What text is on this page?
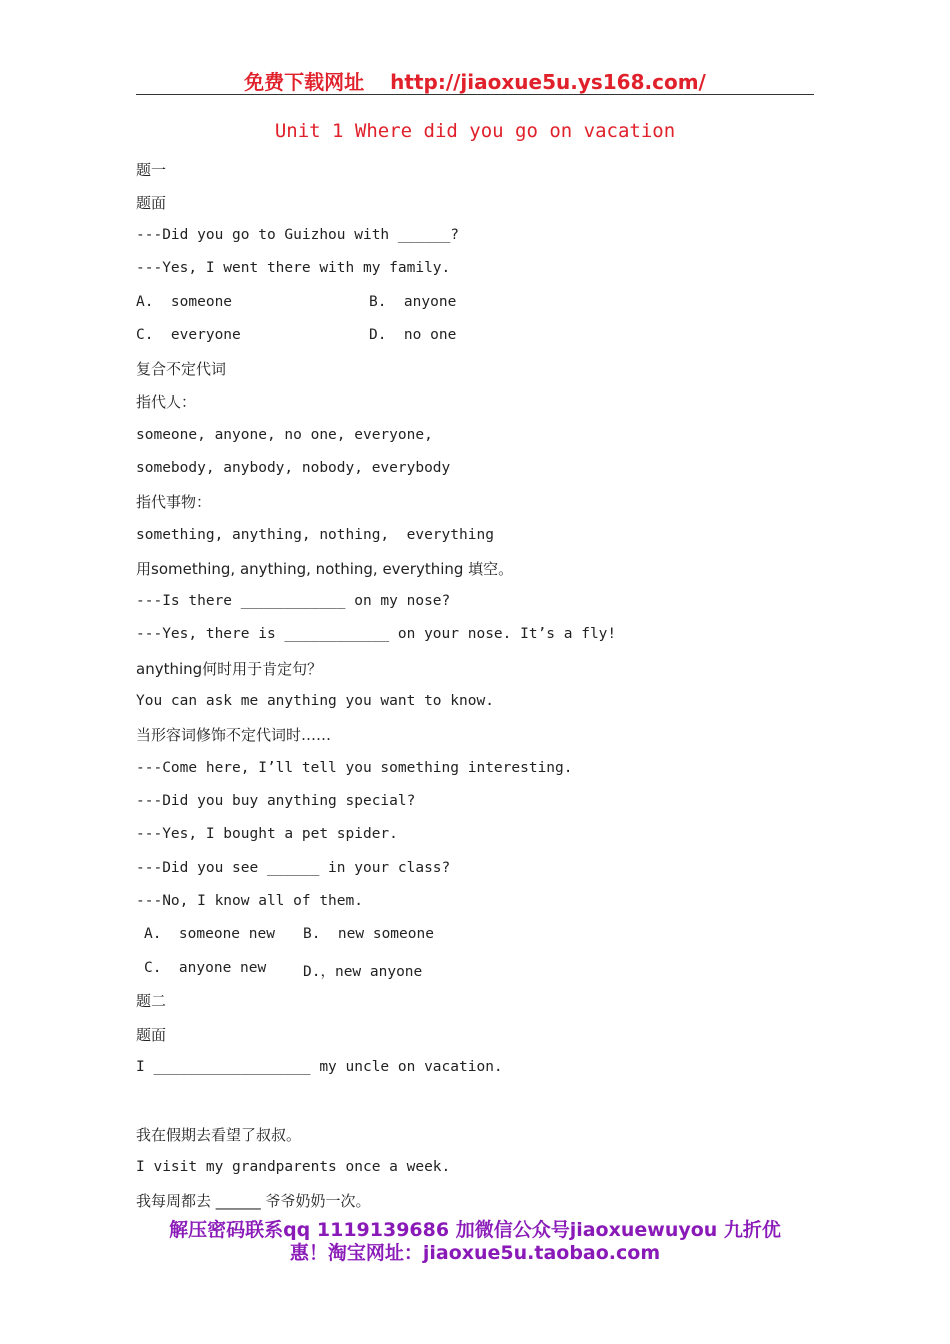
免费下载网址 http://jiaoxue5u.ys168.com/
Unit 1 Where did you go on vacation
题一
题面
---Did you go to Guizhou with ______?
---Yes, I went there with my family.
A.  someone	B.  anyone
C.  everyone	D.  no one
复合不定代词
指代人：
someone, anyone, no one, everyone,
somebody, anybody, nobody, everybody
指代事物：
something, anything, nothing,  everything
用something, anything, nothing, everything 填空。
---Is there ____________ on my nose?
---Yes, there is ____________ on your nose. It’s a fly!
anything何时用于肯定句？
You can ask me anything you want to know.
当形容词修饰不定代词时……
---Come here, I’ll tell you something interesting.
---Did you buy anything special?
---Yes, I bought a pet spider.
---Did you see ______ in your class?
---No, I know all of them.
A.  someone new B.  new someone
C.  anyone new	D.，new anyone
题二
题面
I __________________ my uncle on vacation.
我在假期去看望了叔叔。
I visit my grandparents once a week.
我每周都去 ______ 爷爷奶奶一次。
解压密码联系qq 1119139686 加微信公众号jiaoxuewuyou 九折优
惠！淘宝网址：jiaoxue5u.taobao.com
